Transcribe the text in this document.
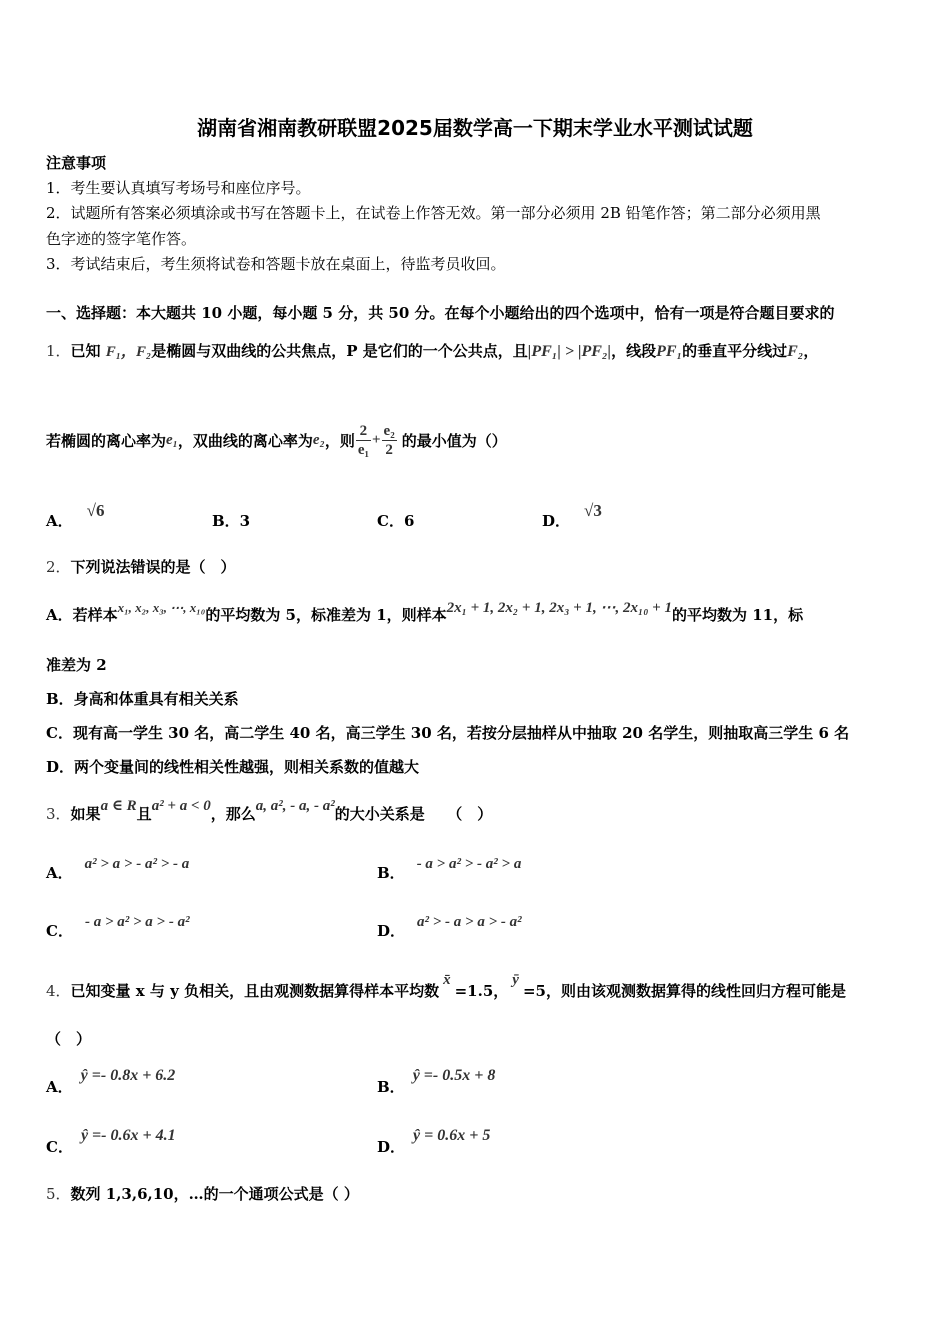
湖南省湘南教研联盟2025届数学高一下期末学业水平测试试题
注意事项
1．考生要认真填写考场号和座位序号。
2．试题所有答案必须填涂或书写在答题卡上，在试卷上作答无效。第一部分必须用 2B 铅笔作答；第二部分必须用黑
色字迹的签字笔作答。
3．考试结束后，考生须将试卷和答题卡放在桌面上，待监考员收回。
一、选择题：本大题共 10 小题，每小题 5 分，共 50 分。在每个小题给出的四个选项中，恰有一项是符合题目要求的
1．已知 F₁，F₂是椭圆与双曲线的公共焦点，P 是它们的一个公共点，且|PF₁| > |PF₂|，线段PF₁的垂直平分线过F₂，
若椭圆的离心率为 e₁ ，双曲线的离心率为 e₂ ，则 $\frac{2}{\text{e₁}} + \frac{\text{e₂}}{2}$ 的最小值为（）
A．√6
B．3	C．6	D．√3
2．下列说法错误的是（　）
A．若样本x₁, x₂, x₃, ⋯, x₁₀的平均数为 5，标准差为 1，则样本2x₁ + 1, 2x₂ + 1, 2x₃ + 1, ⋯, 2x₁₀ + 1的平均数为 11，标
准差为 2
B．身高和体重具有相关关系
C．现有高一学生 30 名，高二学生 40 名，高三学生 30 名，若按分层抽样从中抽取 20 名学生，则抽取高三学生 6 名
D．两个变量间的线性相关性越强，则相关系数的值越大
3．如果a ∈ R且a² + a < 0，那么a, a², - a, - a²的大小关系是　　（　）
A． a² > a > - a² > - a	B． - a > a² > - a² > a
C． - a > a² > a > - a²	D． a² > - a > a > - a²
4．已知变量 x 与 y 负相关，且由观测数据算得样本平均数x̄=1.5，ȳ=5，则由该观测数据算得的线性回归方程可能是
（　）
A．ŷ =- 0.8x + 6.2
B．ŷ =- 0.5x + 8
C．ŷ =- 0.6x + 4.1
D．ŷ = 0.6x + 5
5．数列 1,3,6,10，…的一个通项公式是（ ）
